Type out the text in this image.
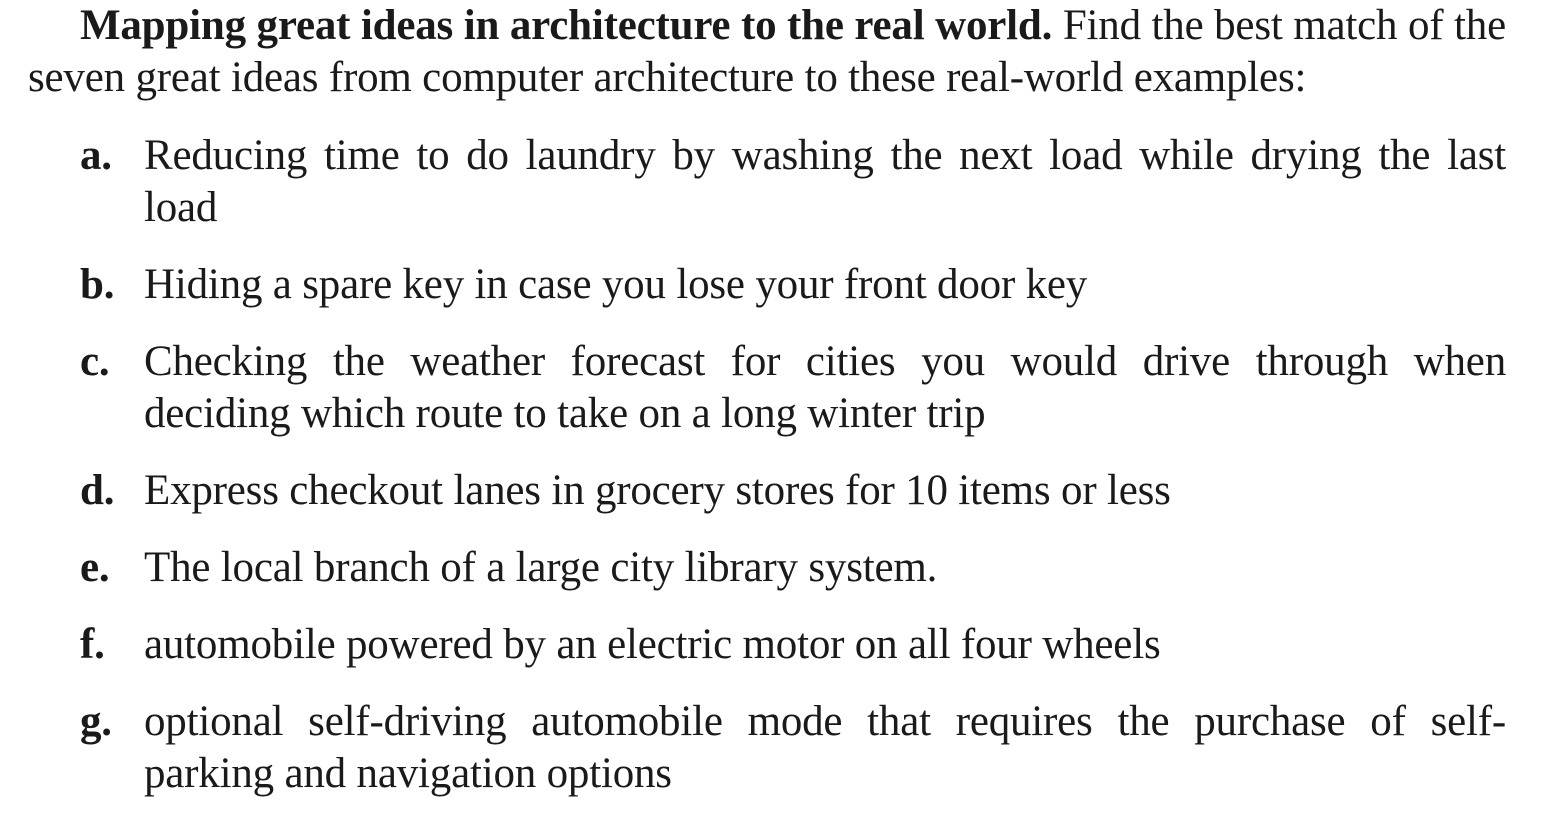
Mapping great ideas in architecture to the real world. Find the best match of the seven great ideas from computer architecture to these real-world examples:

a. Reducing time to do laundry by washing the next load while drying the last load
b. Hiding a spare key in case you lose your front door key
c. Checking the weather forecast for cities you would drive through when deciding which route to take on a long winter trip
d. Express checkout lanes in grocery stores for 10 items or less
e. The local branch of a large city library system.
f. automobile powered by an electric motor on all four wheels
g. optional self-driving automobile mode that requires the purchase of self-parking and navigation options
